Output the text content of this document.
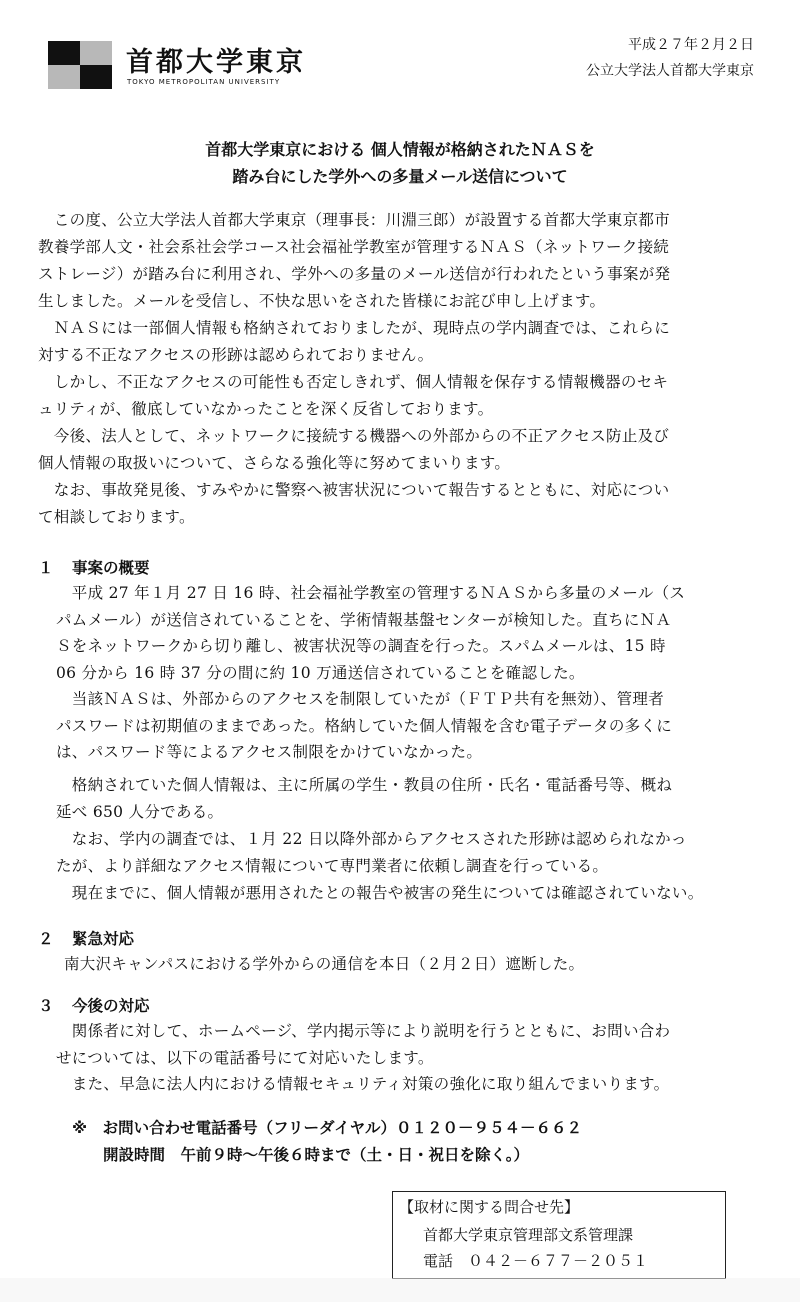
首都大学東京
TOKYO METROPOLITAN UNIVERSITY
平成２７年２月２日
公立大学法人首都大学東京
首都大学東京における 個人情報が格納されたＮＡＳを
踏み台にした学外への多量メール送信について

　この度、公立大学法人首都大学東京（理事長：川淵三郎）が設置する首都大学東京都市
教養学部人文・社会系社会学コース社会福祉学教室が管理するＮＡＳ（ネットワーク接続
ストレージ）が踏み台に利用され、学外への多量のメール送信が行われたという事案が発
生しました。メールを受信し、不快な思いをされた皆様にお詫び申し上げます。

　ＮＡＳには一部個人情報も格納されておりましたが、現時点の学内調査では、これらに
対する不正なアクセスの形跡は認められておりません。

　しかし、不正なアクセスの可能性も否定しきれず、個人情報を保存する情報機器のセキ
ュリティが、徹底していなかったことを深く反省しております。

　今後、法人として、ネットワークに接続する機器への外部からの不正アクセス防止及び
個人情報の取扱いについて、さらなる強化等に努めてまいります。

　なお、事故発見後、すみやかに警察へ被害状況について報告するとともに、対応につい
て相談しております。

１ 事案の概要

　平成 27 年１月 27 日 16 時、社会福祉学教室の管理するＮＡＳから多量のメール（ス
パムメール）が送信されていることを、学術情報基盤センターが検知した。直ちにＮＡ
Ｓをネットワークから切り離し、被害状況等の調査を行った。スパムメールは、15 時
06 分から 16 時 37 分の間に約 10 万通送信されていることを確認した。

　当該ＮＡＳは、外部からのアクセスを制限していたが（ＦＴＰ共有を無効）、管理者
パスワードは初期値のままであった。格納していた個人情報を含む電子データの多くに
は、パスワード等によるアクセス制限をかけていなかった。

　格納されていた個人情報は、主に所属の学生・教員の住所・氏名・電話番号等、概ね
延べ 650 人分である。

　なお、学内の調査では、１月 22 日以降外部からアクセスされた形跡は認められなかっ
たが、より詳細なアクセス情報について専門業者に依頼し調査を行っている。

　現在までに、個人情報が悪用されたとの報告や被害の発生については確認されていない。

２ 緊急対応

南大沢キャンパスにおける学外からの通信を本日（２月２日）遮断した。

３ 今後の対応

　関係者に対して、ホームページ、学内掲示等により説明を行うとともに、お問い合わ
せについては、以下の電話番号にて対応いたします。

　また、早急に法人内における情報セキュリティ対策の強化に取り組んでまいります。

※　お問い合わせ電話番号（フリーダイヤル）０１２０－９５４－６６２
　　開設時間　午前９時～午後６時まで（土・日・祝日を除く。）
【取材に関する問合せ先】
首都大学東京管理部文系管理課
電話　０４２－６７７－２０５１
